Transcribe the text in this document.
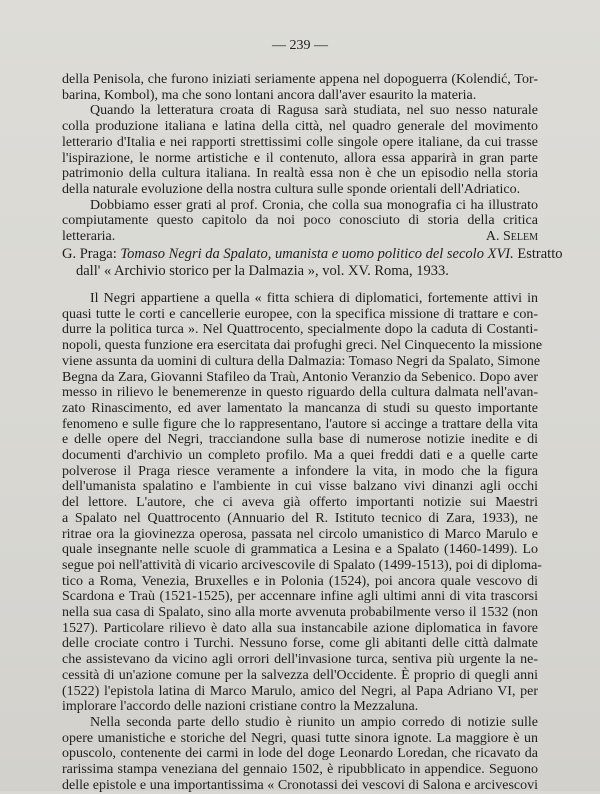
— 239 —
della Penisola, che furono iniziati seriamente appena nel dopoguerra (Kolendić, Tor-
barina, Kombol), ma che sono lontani ancora dall'aver esaurito la materia.
Quando la letteratura croata di Ragusa sarà studiata, nel suo nesso naturale
colla produzione italiana e latina della città, nel quadro generale del movimento
letterario d'Italia e nei rapporti strettissimi colle singole opere italiane, da cui trasse
l'ispirazione, le norme artistiche e il contenuto, allora essa apparirà in gran parte
patrimonio della cultura italiana. In realtà essa non è che un episodio nella storia
della naturale evoluzione della nostra cultura sulle sponde orientali dell'Adriatico.
Dobbiamo esser grati al prof. Cronia, che colla sua monografia ci ha illustrato
compiutamente questo capitolo da noi poco conosciuto di storia della critica
letteraria.	A. Selem
G. Praga: Tomaso Negri da Spalato, umanista e uomo politico del secolo XVI. Estratto
dall' « Archivio storico per la Dalmazia », vol. XV. Roma, 1933.
Il Negri appartiene a quella « fitta schiera di diplomatici, fortemente attivi in
quasi tutte le corti e cancellerie europee, con la specifica missione di trattare e con-
durre la politica turca ». Nel Quattrocento, specialmente dopo la caduta di Costanti-
nopoli, questa funzione era esercitata dai profughi greci. Nel Cinquecento la missione
viene assunta da uomini di cultura della Dalmazia: Tomaso Negri da Spalato, Simone
Begna da Zara, Giovanni Stafileo da Traù, Antonio Veranzio da Sebenico. Dopo aver
messo in rilievo le benemerenze in questo riguardo della cultura dalmata nell'avan-
zato Rinascimento, ed aver lamentato la mancanza di studi su questo importante
fenomeno e sulle figure che lo rappresentano, l'autore si accinge a trattare della vita
e delle opere del Negri, tracciandone sulla base di numerose notizie inedite e di
documenti d'archivio un completo profilo. Ma a quei freddi dati e a quelle carte
polverose il Praga riesce veramente a infondere la vita, in modo che la figura
dell'umanista spalatino e l'ambiente in cui visse balzano vivi dinanzi agli occhi
del lettore. L'autore, che ci aveva già offerto importanti notizie sui Maestri
a Spalato nel Quattrocento (Annuario del R. Istituto tecnico di Zara, 1933), ne
ritrae ora la giovinezza operosa, passata nel circolo umanistico di Marco Marulo e
quale insegnante nelle scuole di grammatica a Lesina e a Spalato (1460-1499). Lo
segue poi nell'attività di vicario arcivescovile di Spalato (1499-1513), poi di diploma-
tico a Roma, Venezia, Bruxelles e in Polonia (1524), poi ancora quale vescovo di
Scardona e Traù (1521-1525), per accennare infine agli ultimi anni di vita trascorsi
nella sua casa di Spalato, sino alla morte avvenuta probabilmente verso il 1532 (non
1527). Particolare rilievo è dato alla sua instancabile azione diplomatica in favore
delle crociate contro i Turchi. Nessuno forse, come gli abitanti delle città dalmate
che assistevano da vicino agli orrori dell'invasione turca, sentiva più urgente la ne-
cessità di un'azione comune per la salvezza dell'Occidente. È proprio di quegli anni
(1522) l'epistola latina di Marco Marulo, amico del Negri, al Papa Adriano VI, per
implorare l'accordo delle nazioni cristiane contro la Mezzaluna.
Nella seconda parte dello studio è riunito un ampio corredo di notizie sulle
opere umanistiche e storiche del Negri, quasi tutte sinora ignote. La maggiore è un
opuscolo, contenente dei carmi in lode del doge Leonardo Loredan, che ricavato da
rarissima stampa veneziana del gennaio 1502, è ripubblicato in appendice. Seguono
delle epistole e una importantissima « Cronotassi dei vescovi di Salona e arcivescovi
